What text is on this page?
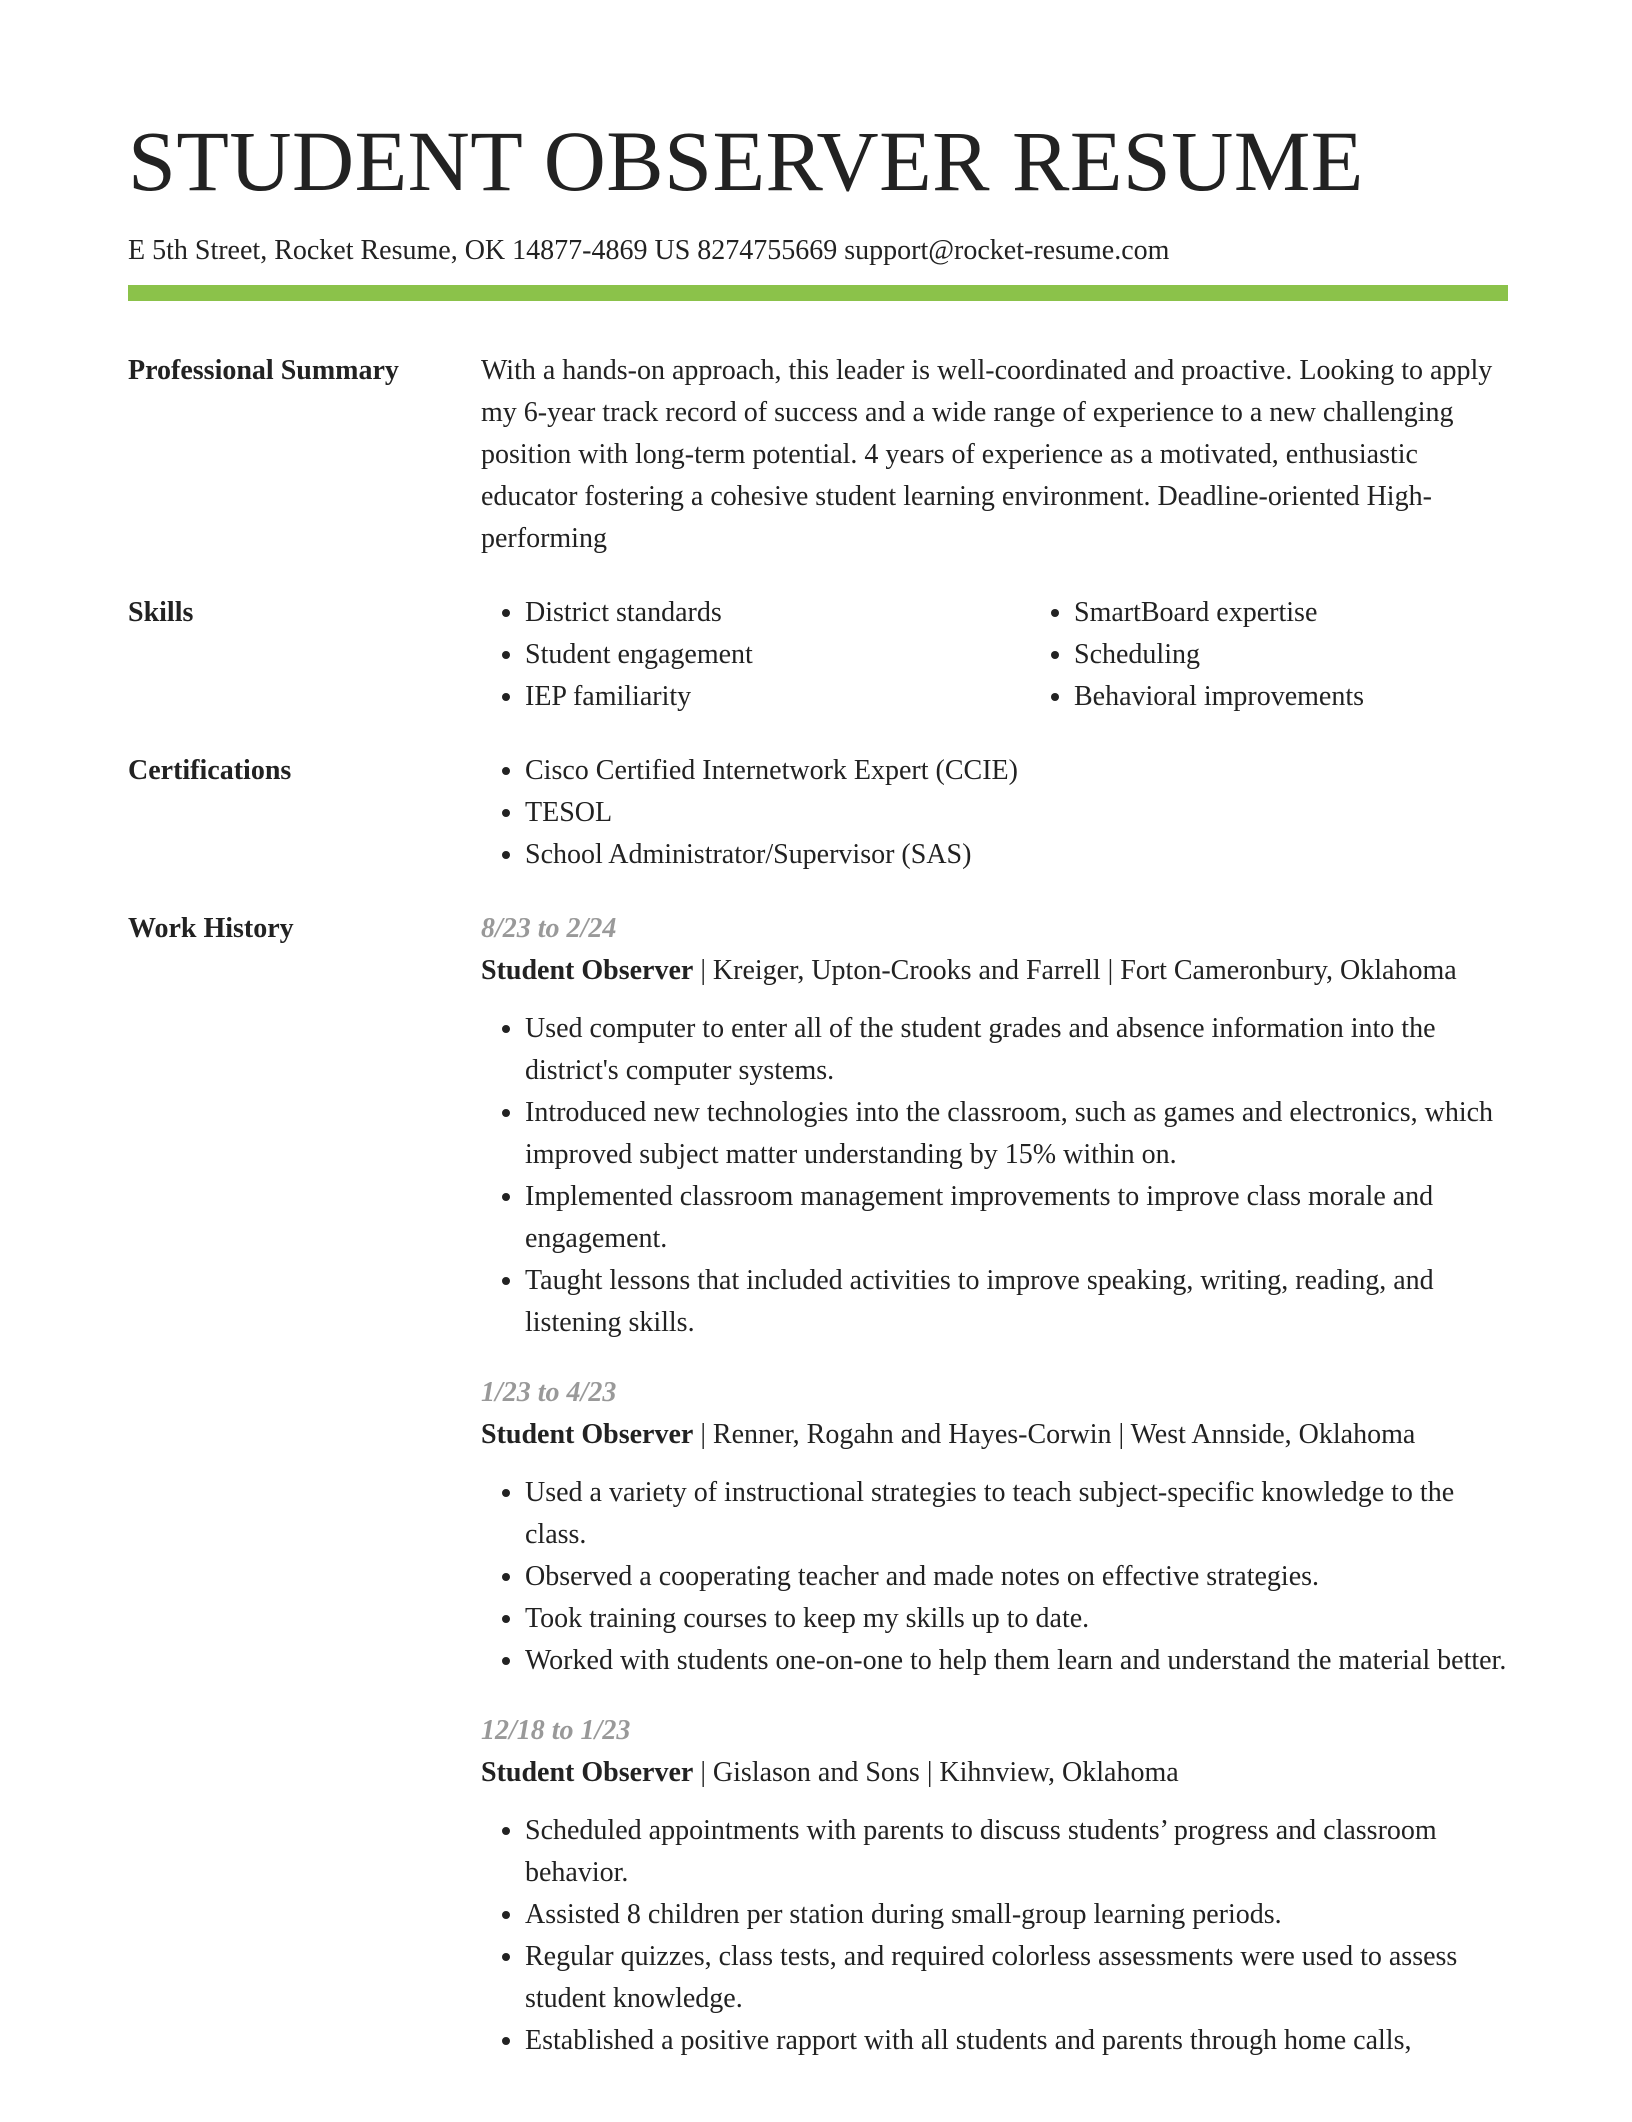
STUDENT OBSERVER RESUME
E 5th Street, Rocket Resume, OK 14877-4869 US 8274755669 support@rocket-resume.com
Professional Summary	With a hands-on approach, this leader is well-coordinated and proactive. Looking to apply my 6-year track record of success and a wide range of experience to a new challenging position with long-term potential. 4 years of experience as a motivated, enthusiastic educator fostering a cohesive student learning environment. Deadline-oriented High-performing

Skills	• District standards
• Student engagement
• IEP familiarity
• SmartBoard expertise
• Scheduling
• Behavioral improvements
Certifications	• Cisco Certified Internetwork Expert (CCIE)
• TESOL
• School Administrator/Supervisor (SAS)
Work History	8/23 to 2/24
Student Observer | Kreiger, Upton-Crooks and Farrell | Fort Cameronbury, Oklahoma
• Used computer to enter all of the student grades and absence information into the district's computer systems.
• Introduced new technologies into the classroom, such as games and electronics, which improved subject matter understanding by 15% within on.
• Implemented classroom management improvements to improve class morale and engagement.
• Taught lessons that included activities to improve speaking, writing, reading, and listening skills.
1/23 to 4/23
Student Observer | Renner, Rogahn and Hayes-Corwin | West Annside, Oklahoma
• Used a variety of instructional strategies to teach subject-specific knowledge to the class.
• Observed a cooperating teacher and made notes on effective strategies.
• Took training courses to keep my skills up to date.
• Worked with students one-on-one to help them learn and understand the material better.
12/18 to 1/23
Student Observer | Gislason and Sons | Kihnview, Oklahoma
• Scheduled appointments with parents to discuss students’ progress and classroom behavior.
• Assisted 8 children per station during small-group learning periods.
• Regular quizzes, class tests, and required colorless assessments were used to assess student knowledge.
• Established a positive rapport with all students and parents through home calls,
